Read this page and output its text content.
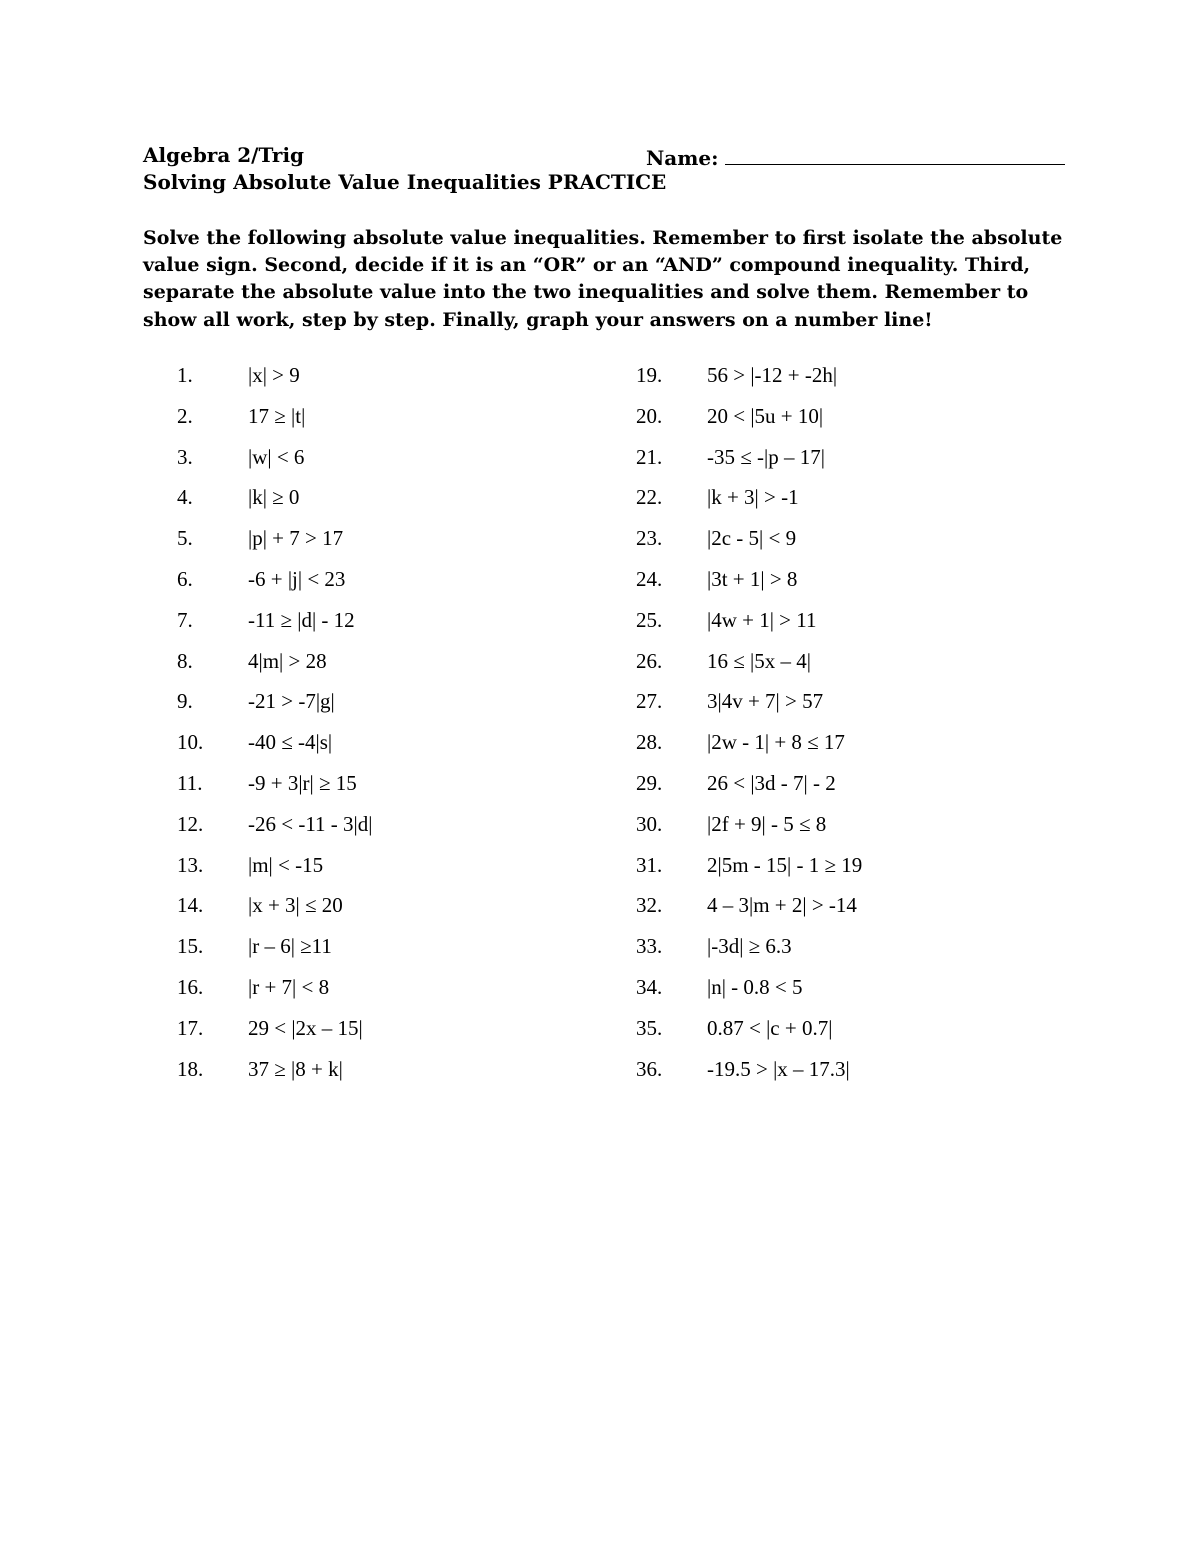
Algebra 2/Trig
Solving Absolute Value Inequalities PRACTICE
Name:
Solve the following absolute value inequalities. Remember to first isolate the absolute value sign. Second, decide if it is an “OR” or an “AND” compound inequality. Third, separate the absolute value into the two inequalities and solve them. Remember to show all work, step by step. Finally, graph your answers on a number line!
1.	|x| > 9
2.	17 ≥ |t|
3.	|w| < 6
4.	|k| ≥ 0
5.	|p| + 7 > 17
6.	-6 + |j| < 23
7.	-11 ≥ |d| - 12
8.	4|m| > 28
9.	-21 > -7|g|
10. -40 ≤ -4|s|
11. -9 + 3|r| ≥ 15
12. -26 < -11 - 3|d|
13. |m| < -15
14. |x + 3| ≤ 20
15. |r – 6| ≥11
16. |r + 7| < 8
17. 29 < |2x – 15|
18. 37 ≥ |8 + k|
19. 56 > |-12 + -2h|
20. 20 < |5u + 10|
21. -35 ≤ -|p – 17|
22. |k + 3| > -1
23. |2c - 5| < 9
24. |3t + 1| > 8
25. |4w + 1| > 11
26. 16 ≤ |5x – 4|
27. 3|4v + 7| > 57
28. |2w - 1| + 8 ≤ 17
29. 26 < |3d - 7| - 2
30. |2f + 9| - 5 ≤ 8
31. 2|5m - 15| - 1 ≥ 19
32. 4 – 3|m + 2| > -14
33. |-3d| ≥ 6.3
34. |n| - 0.8 < 5
35. 0.87 < |c + 0.7|
36. -19.5 > |x – 17.3|
